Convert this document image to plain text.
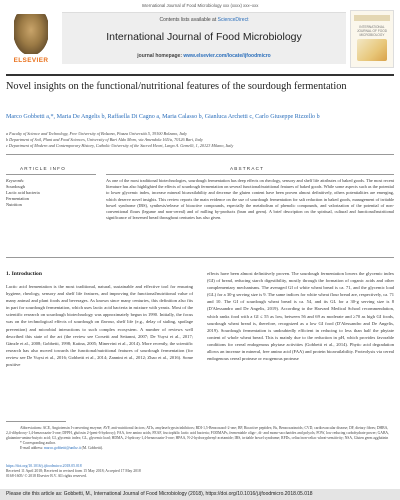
International Journal of Food Microbiology xxx (xxxx) xxx–xxx
ELSEVIER
Contents lists available at ScienceDirect
International Journal of Food Microbiology
journal homepage: www.elsevier.com/locate/ijfoodmicro
INTERNATIONAL JOURNAL OF FOOD MICROBIOLOGY
Novel insights on the functional/nutritional features of the sourdough fermentation
Marco Gobbetti a,*, Maria De Angelis b, Raffaella Di Cagno a, Maria Calasso b, Gianluca Archetti c, Carlo Giuseppe Rizzello b
a Faculty of Science and Technology, Free University of Bolzano, Piazza Università 5, 39100 Bolzano, Italy
b Department of Soil, Plant and Food Sciences, University of Bari Aldo Moro, via Amendola 165/a, 70126 Bari, Italy
c Department of Modern and Contemporary History, Catholic University of the Sacred Heart, Largo A. Gemelli, 1, 20123 Milano, Italy
ARTICLE INFO	ABSTRACT
Keywords:
Sourdough
Lactic acid bacteria
Fermentation
Nutrition
As one of the most traditional biotechnologies, sourdough fermentation has deep effects on rheology, sensory and shelf life attributes of baked goods. The most recent literature has also highlighted the effects of sourdough fermentation on several functional/nutritional features of baked goods. While some aspects such as the potential to lower glycemic index, increase mineral bioavailability and decrease the gluten content have been proven almost definitively, others potentialities are emerging, which deserve novel insights. This review reports the main evidence on the use of sourdough fermentation for salt reduction in baked goods, management of irritable bowel syndrome (IBS), synthesis/release of bioactive compounds, especially the metabolism of phenolic compounds, and valorization of the potential of non-conventional flours (legume and non-cereal) and of milling by-products (bran and germ). A brief description on the spiritual, cultural and functional/nutritional significance of leavened bread throughout centuries has also given.
1. Introduction
Lactic acid fermentation is the most traditional, natural, sustainable and effective tool for ensuring hygiene, rheology, sensory and shelf life features, and improving the functional/nutritional value of many animal and plant foods and beverages. As known since many centuries, this definition also fits in part for sourdough fermentation, which uses lactic acid bacteria in mixture with yeasts. Most of the scientific research on sourdough biotechnology was approximately begun in 1990. Initially, the focus was on the technological effects of sourdough on flavour, shelf life (e.g., delay of staling, spoilage prevention) and microbial interactions to such complex ecosystem. A number of reviews well described this state of the art (the review see Corsetti and Settanni, 2007; De Vuyst et al., 2017; Gänzle et al., 2008; Gobbetti, 1998; Katina, 2005; Minervini et al., 2014). More recently, the scientific research has also moved towards the functional/nutritional features of sourdough fermentation (for review see De Vuyst et al., 2016; Gobbetti et al., 2014; Zannini et al., 2012; Zhao et al., 2016). Some positive
effects have been almost definitively proven. The sourdough fermentation lowers the glycemic index (GI) of bread, reducing starch digestibility, mostly through the formation of organic acids and other complementary mechanisms. The averaged GI of white wheat bread is ca. 71, and the glycemic load (GL) for a 30-g serving size is 9. The same indices for white wheat flour bread are, respectively, ca. 71 and 10. The GI of sourdough wheat bread is ca. 54, and its GL for a 30-g serving size is 8 (D'Alessandro and De Angelis, 2019). According to the Harvard Medical School recommendation, which ranks food with a GI ≤ 55 as low, between 56 and 69 as moderate and ≥70 as high GI foods, sourdough wheat bread is, therefore, recognized as a low GI food (D'Alessandro and De Angelis, 2019). Sourdough fermentation is undoubtedly efficient in reducing to less than half the phytate content of whole wheat bread. This is mainly due to the reduction in pH, which provides favorable conditions for cereal endogenous phytase activities (Gobbetti et al., 2014). Phytic acid degradation allows an increase in mineral, free amino acid (FAA) and protein bioavailability. Proteolysis via cereal endogenous cereal protease or exogenous protease
Abbreviations: ACE, Angiotensin I-converting enzyme; AVF, anti-nutritional factors; ATIs, amylase/trypsin inhibitors; BDI-1,5-Benzoxazol-2-one; BP, Bioactive peptides; Bs, Benzoxazinoids; CVD, cardiovascular disease; DF, dietary fibres; DHBA, 2,4-dihydroxy-1,4-benzoxazin-3-one; DFPH, glufosin 2-(pent-6-hydroxy); FAA, free amino acids; FEAF, fructophilic lactic acid bacteria; FODMAPs, fermentable oligo-, di- and mono-saccharides and polyols; FOW, low reducing carbohydrate power; GABA, glutamine-amino-butyric acid; GI, glycemic index; GL, glycemic load; HDMA, 2-hydroxy-1,4-benzoxazin-3-one; HPAA, N-2-hydroxyphenyl-acetamide; IBS, irritable bowel syndrome; RFDs, celiac/non-celiac wheat-sensitivity; NSA, Gluten germ agglutinin
* Corresponding author.
E-mail address: marco.gobbetti@unibz.it (M. Gobbetti).
https://doi.org/10.1016/j.ijfoodmicro.2018.05.018
Received 11 April 2018; Received in revised form 15 May 2018; Accepted 17 May 2018
0168-1605/ © 2018 Elsevier B.V. All rights reserved.
Please cite this article as: Gobbetti, M., International Journal of Food Microbiology (2018), https://doi.org/10.1016/j.ijfoodmicro.2018.05.018
